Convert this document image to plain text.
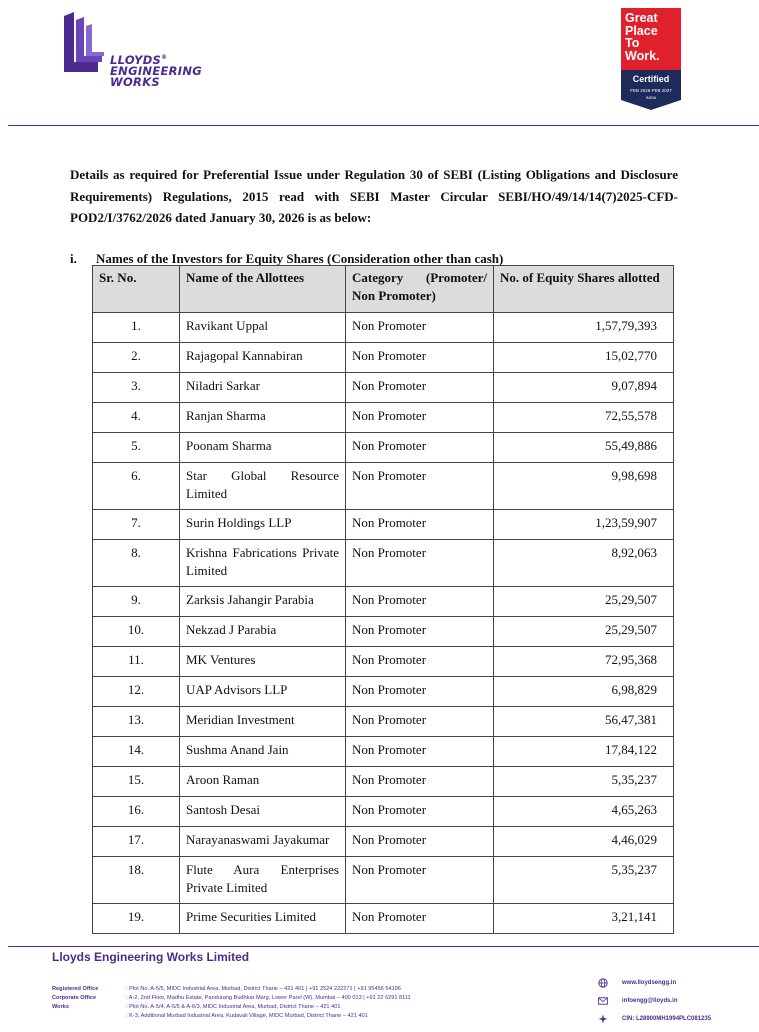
LLOYDS®
ENGINEERING
WORKS
Great
Place
To
Work.
Certified
FEB 2026-FEB 2027
INDIA
Details as required for Preferential Issue under Regulation 30 of SEBI (Listing Obligations and Disclosure Requirements) Regulations, 2015 read with SEBI Master Circular SEBI/HO/49/14/14(7)2025-CFD-POD2/I/3762/2026 dated January 30, 2026 is as below:
i. Names of the Investors for Equity Shares (Consideration other than cash)
Sr. No.	Name of the Allottees	Category (Promoter/ Non Promoter)	No. of Equity Shares allotted
1.	Ravikant Uppal	Non Promoter	1,57,79,393
2.	Rajagopal Kannabiran	Non Promoter	15,02,770
3.	Niladri Sarkar	Non Promoter	9,07,894
4.	Ranjan Sharma	Non Promoter	72,55,578
5.	Poonam Sharma	Non Promoter	55,49,886
6.	Star Global Resource Limited	Non Promoter	9,98,698
7.	Surin Holdings LLP	Non Promoter	1,23,59,907
8.	Krishna Fabrications Private Limited	Non Promoter	8,92,063
9.	Zarksis Jahangir Parabia	Non Promoter	25,29,507
10.	Nekzad J Parabia	Non Promoter	25,29,507
11.	MK Ventures	Non Promoter	72,95,368
12.	UAP Advisors LLP	Non Promoter	6,98,829
13.	Meridian Investment	Non Promoter	56,47,381
14.	Sushma Anand Jain	Non Promoter	17,84,122
15.	Aroon Raman	Non Promoter	5,35,237
16.	Santosh Desai	Non Promoter	4,65,263
17.	Narayanaswami Jayakumar	Non Promoter	4,46,029
18.	Flute Aura Enterprises Private Limited	Non Promoter	5,35,237
19.	Prime Securities Limited	Non Promoter	3,21,141
Lloyds Engineering Works Limited
Registered Office	: Plot No. A-5/5, MIDC Industrial Area, Murbad, District Thane – 421 401 | +91 2524 222271 | +91 95456 54196
Corporate Office	: A-2, 2nd Floor, Madhu Estate, Pandurang Budhkar Marg, Lower Parel (W), Mumbai – 400 013 | +91 22 6291 8111
Works	: Plot No. A-5/4, A-5/5 & A-6/3, MIDC Industrial Area, Murbad, District Thane – 421 401
: K-3, Additional Murbad Industrial Area, Kudavali Village, MIDC Murbad, District Thane – 421 401
www.lloydsengg.in
infoengg@lloyds.in
CIN: L28900MH1994PLC081235
